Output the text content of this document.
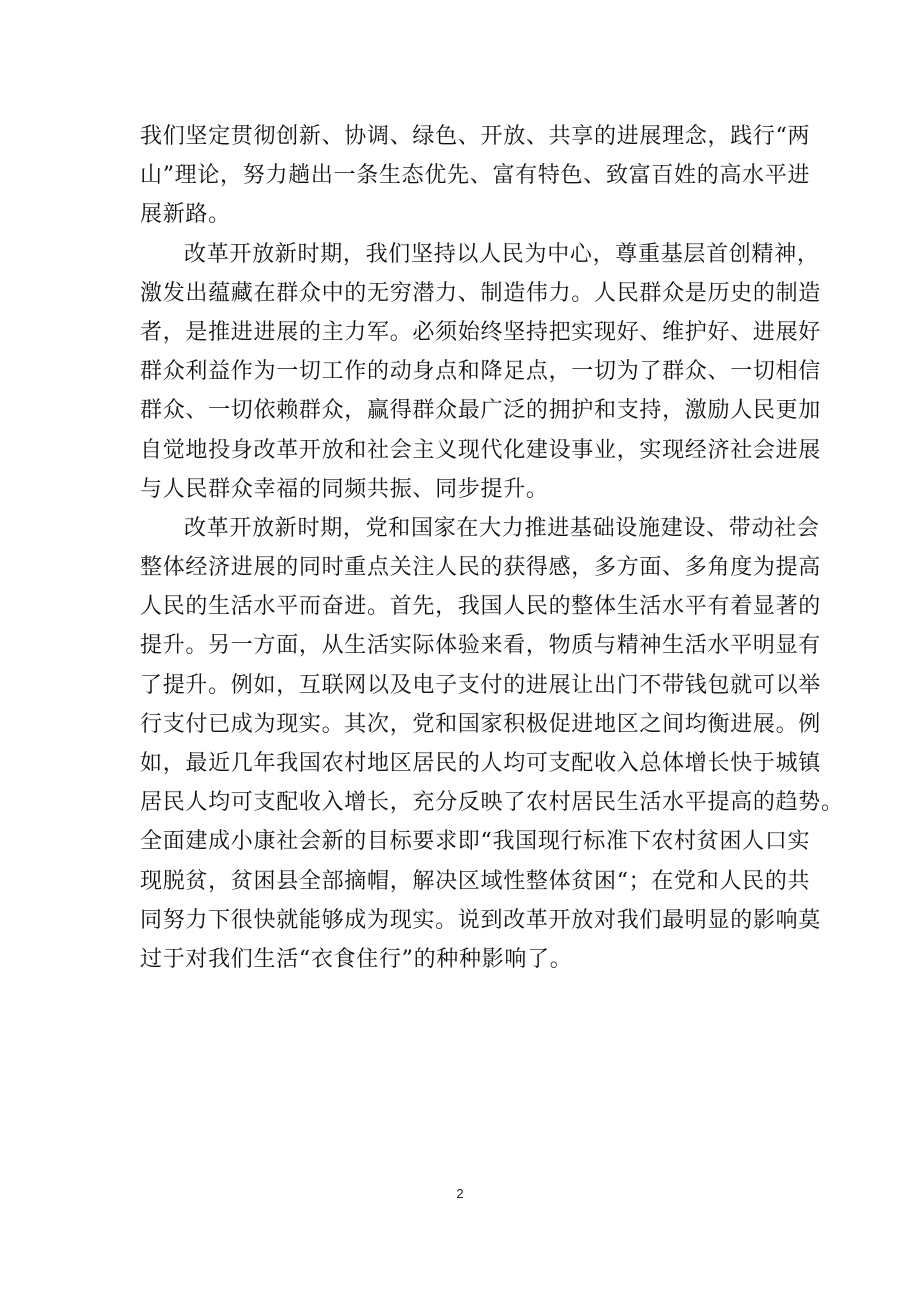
我们坚定贯彻创新、协调、绿色、开放、共享的进展理念，践行“两
山”理论，努力趟出一条生态优先、富有特色、致富百姓的高水平进
展新路。
改革开放新时期，我们坚持以人民为中心，尊重基层首创精神，
激发出蕴藏在群众中的无穷潜力、制造伟力。人民群众是历史的制造
者，是推进进展的主力军。必须始终坚持把实现好、维护好、进展好
群众利益作为一切工作的动身点和降足点，一切为了群众、一切相信
群众、一切依赖群众，赢得群众最广泛的拥护和支持，激励人民更加
自觉地投身改革开放和社会主义现代化建设事业，实现经济社会进展
与人民群众幸福的同频共振、同步提升。
改革开放新时期，党和国家在大力推进基础设施建设、带动社会
整体经济进展的同时重点关注人民的获得感，多方面、多角度为提高
人民的生活水平而奋进。首先，我国人民的整体生活水平有着显著的
提升。另一方面，从生活实际体验来看，物质与精神生活水平明显有
了提升。例如，互联网以及电子支付的进展让出门不带钱包就可以举
行支付已成为现实。其次，党和国家积极促进地区之间均衡进展。例
如，最近几年我国农村地区居民的人均可支配收入总体增长快于城镇
居民人均可支配收入增长，充分反映了农村居民生活水平提高的趋势。
全面建成小康社会新的目标要求即“我国现行标准下农村贫困人口实
现脱贫，贫困县全部摘帽，解决区域性整体贫困“；在党和人民的共
同努力下很快就能够成为现实。说到改革开放对我们最明显的影响莫
过于对我们生活“衣食住行”的种种影响了。
2
